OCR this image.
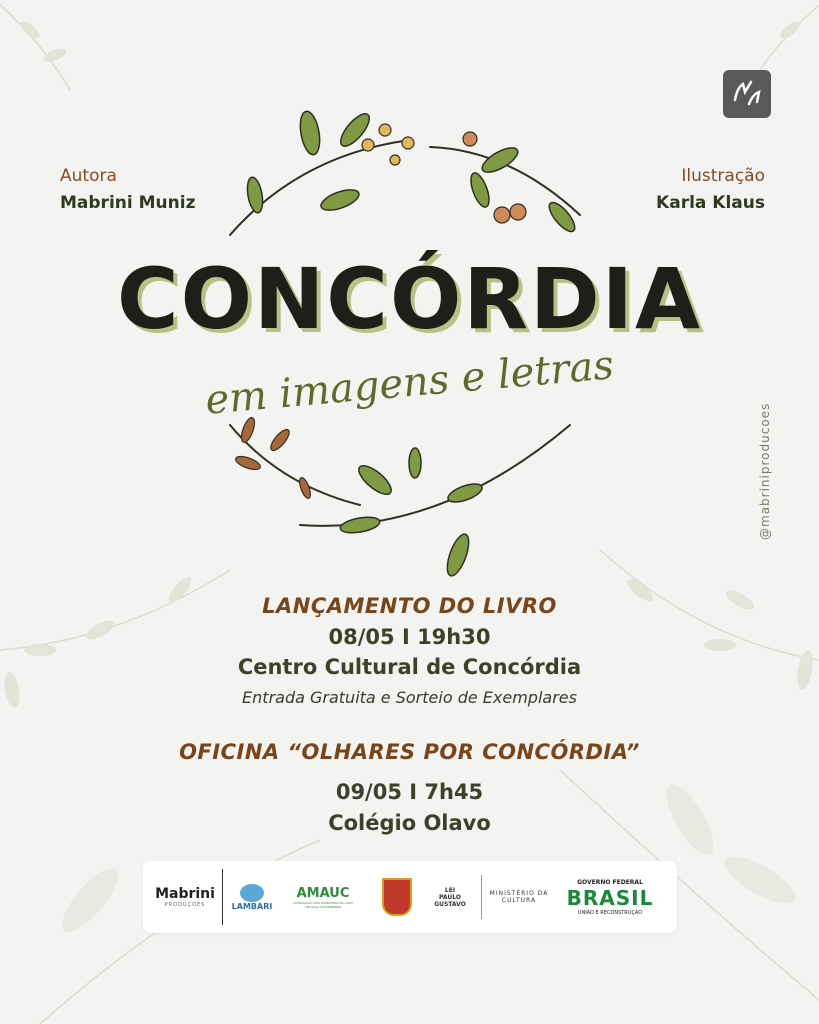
Autora
Mabrini Muniz
Ilustração
Karla Klaus
CONCÓRDIA
em imagens e letras
@mabriniproducoes
LANÇAMENTO DO LIVRO
08/05 I 19h30
Centro Cultural de Concórdia
Entrada Gratuita e Sorteio de Exemplares
OFICINA “OLHARES POR CONCÓRDIA”
09/05 I 7h45
Colégio Olavo
Mabrini
PRODUÇÕES	LAMBARI
AMAUC
ASSOCIAÇÃO DOS MUNICÍPIOS DO ALTO URUGUAI CATARINENSE
LEI PAULO GUSTAVO
MINISTÉRIO DA CULTURA
GOVERNO FEDERAL
BRASIL
UNIÃO E RECONSTRUÇÃO
